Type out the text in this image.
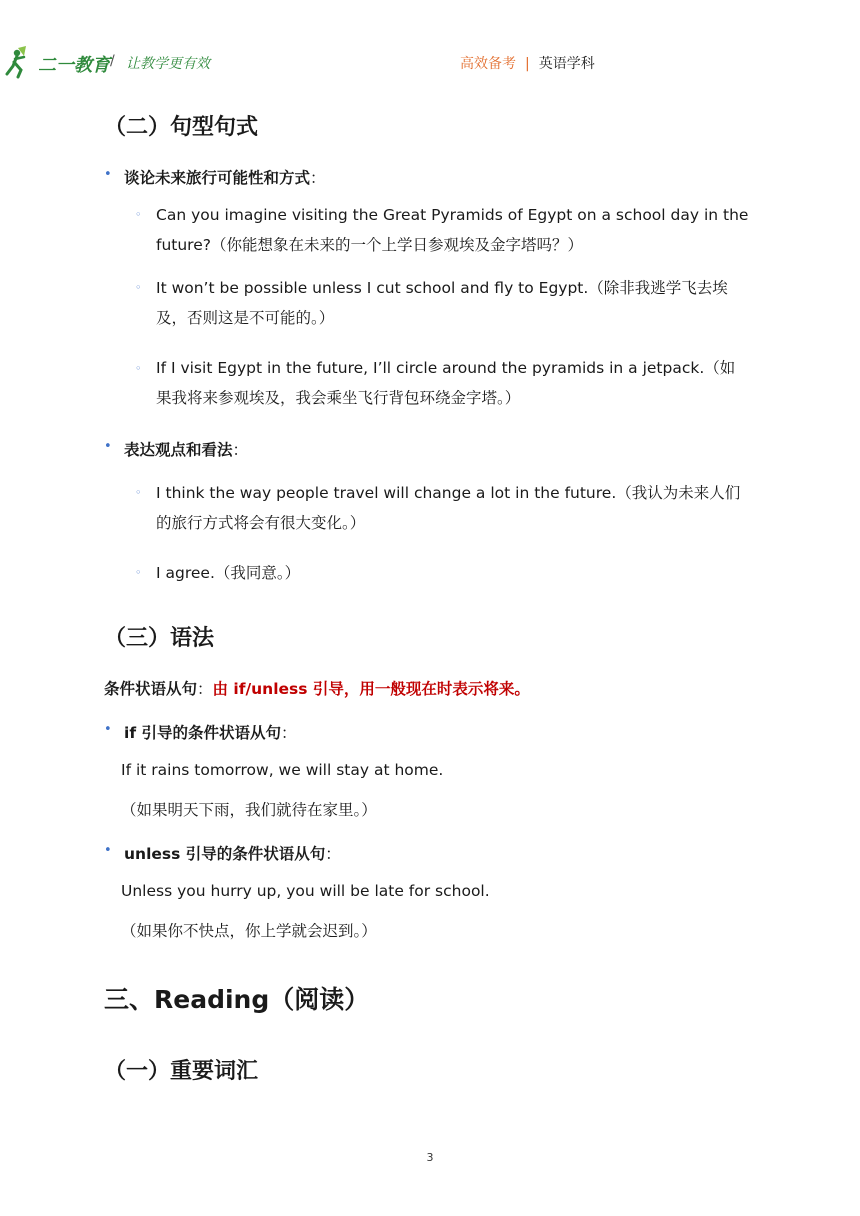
二一教育 / 让教学更有效	高效备考 | 英语学科
（二）句型句式
• 谈论未来旅行可能性和方式：
◦ Can you imagine visiting the Great Pyramids of Egypt on a school day in the future?（你能想象在未来的一个上学日参观埃及金字塔吗？）
◦ It won’t be possible unless I cut school and fly to Egypt.（除非我逃学飞去埃及，否则这是不可能的。）
◦ If I visit Egypt in the future, I’ll circle around the pyramids in a jetpack.（如果我将来参观埃及，我会乘坐飞行背包环绕金字塔。）
• 表达观点和看法：
◦ I think the way people travel will change a lot in the future.（我认为未来人们的旅行方式将会有很大变化。）
◦ I agree.（我同意。）
（三）语法
条件状语从句：由 if/unless 引导，用一般现在时表示将来。
• if 引导的条件状语从句：
If it rains tomorrow, we will stay at home.
（如果明天下雨，我们就待在家里。）
• unless 引导的条件状语从句：
Unless you hurry up, you will be late for school.
（如果你不快点，你上学就会迟到。）
三、Reading（阅读）
（一）重要词汇
3
